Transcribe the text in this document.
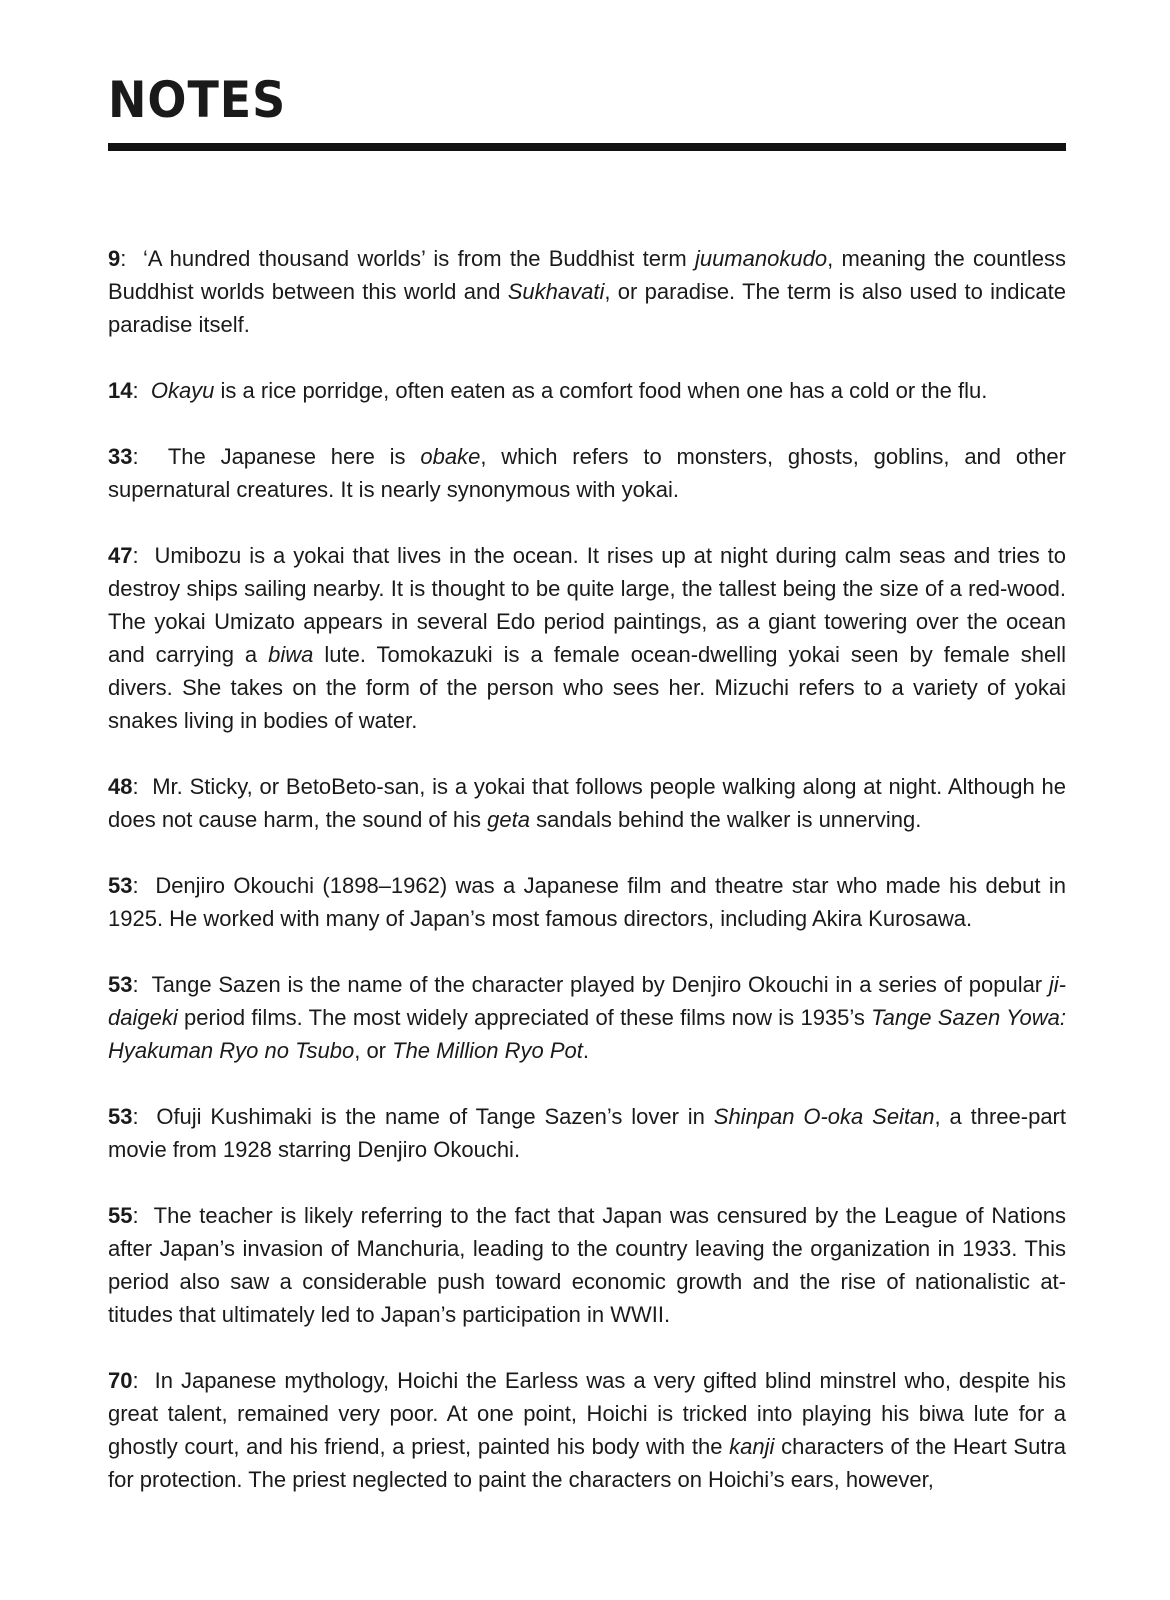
NOTES

9:  ‘A hundred thousand worlds’ is from the Buddhist term juumanokudo, meaning the countless Buddhist worlds between this world and Sukhavati, or paradise. The term is also used to indicate paradise itself.

14:  Okayu is a rice porridge, often eaten as a comfort food when one has a cold or the flu.

33:  The Japanese here is obake, which refers to monsters, ghosts, goblins, and other supernatural creatures. It is nearly synonymous with yokai.

47:  Umibozu is a yokai that lives in the ocean. It rises up at night during calm seas and tries to destroy ships sailing nearby. It is thought to be quite large, the tallest being the size of a red-wood. The yokai Umizato appears in several Edo period paintings, as a giant towering over the ocean and carrying a biwa lute. Tomokazuki is a female ocean-dwelling yokai seen by female shell divers. She takes on the form of the person who sees her. Mizuchi refers to a variety of yokai snakes living in bodies of water.

48:  Mr. Sticky, or BetoBeto-san, is a yokai that follows people walking along at night. Although he does not cause harm, the sound of his geta sandals behind the walker is unnerving.

53:  Denjiro Okouchi (1898–1962) was a Japanese film and theatre star who made his debut in 1925. He worked with many of Japan’s most famous directors, including Akira Kurosawa.

53:  Tange Sazen is the name of the character played by Denjiro Okouchi in a series of popular ji-daigeki period films. The most widely appreciated of these films now is 1935’s Tange Sazen Yowa: Hyakuman Ryo no Tsubo, or The Million Ryo Pot.

53:  Ofuji Kushimaki is the name of Tange Sazen’s lover in Shinpan O-oka Seitan, a three-part movie from 1928 starring Denjiro Okouchi.

55:  The teacher is likely referring to the fact that Japan was censured by the League of Nations after Japan’s invasion of Manchuria, leading to the country leaving the organization in 1933. This period also saw a considerable push toward economic growth and the rise of nationalistic at-titudes that ultimately led to Japan’s participation in WWII.

70:  In Japanese mythology, Hoichi the Earless was a very gifted blind minstrel who, despite his great talent, remained very poor. At one point, Hoichi is tricked into playing his biwa lute for a ghostly court, and his friend, a priest, painted his body with the kanji characters of the Heart Sutra for protection. The priest neglected to paint the characters on Hoichi’s ears, however,
